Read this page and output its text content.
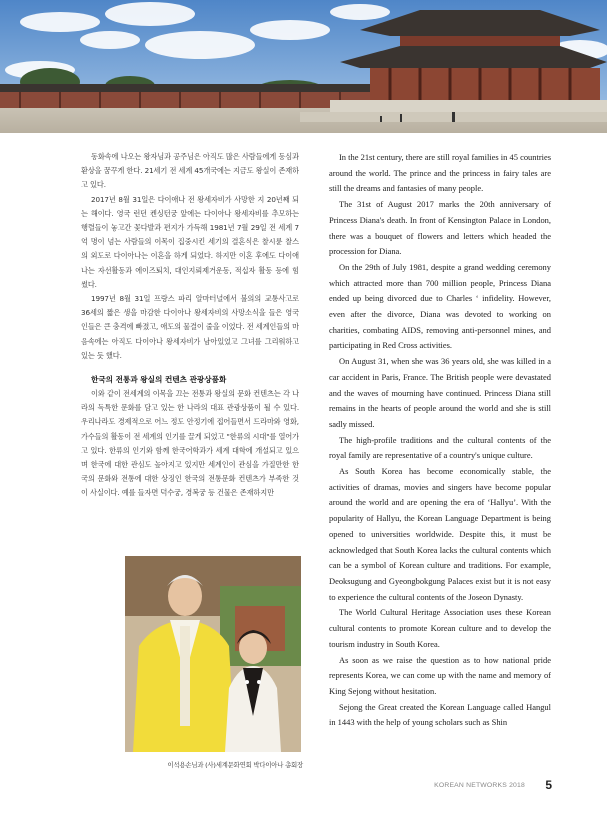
동화속에 나오는 왕자님과 공주님은 아직도 많은 사람들에게 동심과 환상을 꿈꾸게 한다. 21세기 전 세계 45개국에는 지금도 왕실이 존재하고 있다.

2017년 8월 31일은 다이애나 전 왕세자비가 사망한 지 20년째 되는 해이다. 영국 런던 켄싱턴궁 앞에는 다이아나 왕세자비를 추모하는 행렬들이 놓고간 꽃다발과 편지가 가득해 1981년 7월 29일 전 세계 7억 명이 넘는 사람들의 이목이 집중시킨 세기의 결혼식은 찰시륜 찰스의 외도로 다이아나는 이혼을 하게 되었다. 하지만 이혼 후에도 다이애나는 자선활동과 에이즈퇴치, 대인지뢰제거운동, 적십자 활동 등에 힘썼다.

1997년 8월 31일 프랑스 파리 알마터널에서 불의의 교통사고로 36세의 짧은 생을 마감한 다이아나 왕세자비의 사망소식을 들은 영국인들은 큰 충격에 빠졌고, 애도의 물결이 줄을 이었다. 전 세계인들의 마음속에는 아직도 다이아나 왕세자비가 남아있었고 그녀를 그리워하고 있는 듯 했다.

한국의 전통과 왕실의 컨텐츠 관광상품화

이와 같이 전세계의 이목을 끄는 전통과 왕실의 문화 컨텐츠는 각 나라의 독특한 문화를 담고 있는 한 나라의 대표 관광상품이 될 수 있다. 우리나라도 경제적으로 어느 정도 안정기에 접어들면서 드라마와 영화, 가수들의 활동이 전 세계의 인기를 끌게 되었고 "한류의 시대"를 열어가고 있다. 한류의 인기와 함께 한국어학과가 세계 대학에 개설되고 있으며 한국에 대한 관심도 높아지고 있지만 세계인이 관심을 가질만한 한국의 문화와 전통에 대한 상징인 한국의 전통문화 컨텐츠가 부족한 것이 사실이다. 예를 들자면 덕수궁, 경복궁 등 건물은 존재하지만

이석용손님과 (사)세계문화연회 박다이아나 총회장

In the 21st century, there are still royal families in 45 countries around the world. The prince and the princess in fairy tales are still the dreams and fantasies of many people.

The 31st of August 2017 marks the 20th anniversary of Princess Diana's death. In front of Kensington Palace in London, there was a bouquet of flowers and letters which headed the procession for Diana.

On the 29th of July 1981, despite a grand wedding ceremony which attracted more than 700 million people, Princess Diana ended up being divorced due to Charles ‘ infidelity. However, even after the divorce, Diana was devoted to working on charities, combating AIDS, removing anti-personnel mines, and participating in Red Cross activities.

On August 31, when she was 36 years old, she was killed in a car accident in Paris, France. The British people were devastated and the waves of mourning have continued. Princess Diana still remains in the hearts of people around the world and she is still sadly missed.

The high-profile traditions and the cultural contents of the royal family are representative of a country's unique culture.

As South Korea has become economically stable, the activities of dramas, movies and singers have become popular around the world and are opening the era of ‘Hallyu’. With the popularity of Hallyu, the Korean Language Department is being opened to universities worldwide. Despite this, it must be acknowledged that South Korea lacks the cultural contents which can be a symbol of Korean culture and traditions. For example, Deoksugung and Gyeongbokgung Palaces exist but it is not easy to experience the cultural contents of the Joseon Dynasty.

The World Cultural Heritage Association uses these Korean cultural contents to promote Korean culture and to develop the tourism industry in South Korea.

As soon as we raise the question as to how national pride represents Korea, we can come up with the name and memory of King Sejong without hesitation.

Sejong the Great created the Korean Language called Hangul in 1443 with the help of young scholars such as Shin

KOREAN NETWORKS 2018 5
